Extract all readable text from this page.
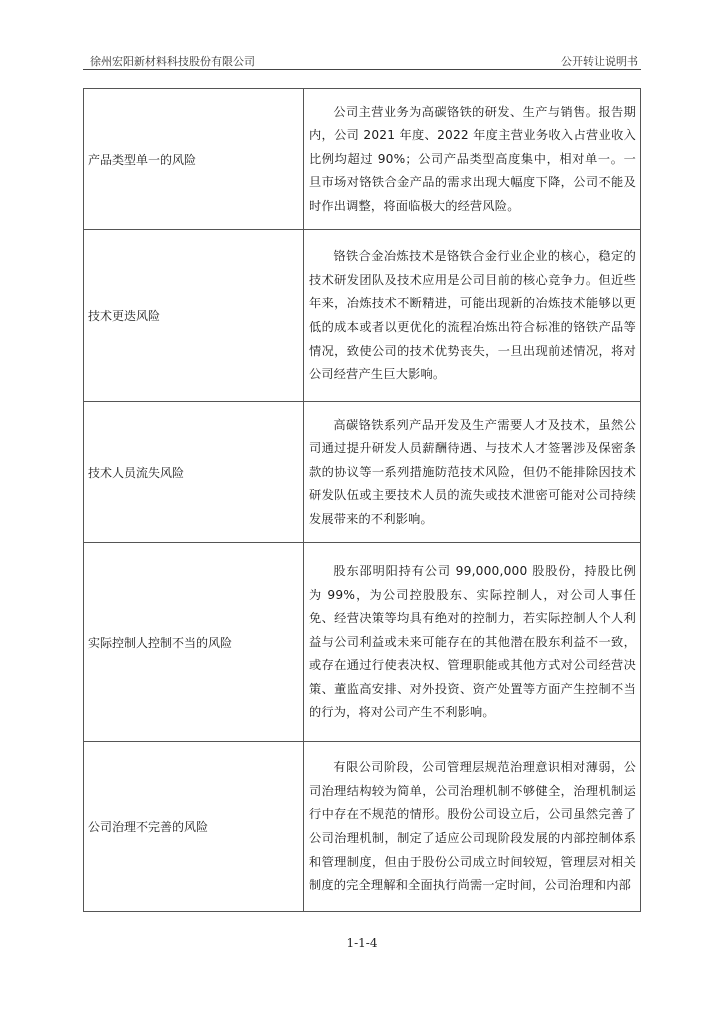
徐州宏阳新材料科技股份有限公司	公开转让说明书
产品类型单一的风险	公司主营业务为高碳铬铁的研发、生产与销售。报告期内，公司 2021 年度、2022 年度主营业务收入占营业收入比例均超过 90%；公司产品类型高度集中，相对单一。一旦市场对铬铁合金产品的需求出现大幅度下降，公司不能及时作出调整，将面临极大的经营风险。
技术更迭风险	铬铁合金冶炼技术是铬铁合金行业企业的核心，稳定的技术研发团队及技术应用是公司目前的核心竞争力。但近些年来，冶炼技术不断精进，可能出现新的冶炼技术能够以更低的成本或者以更优化的流程冶炼出符合标准的铬铁产品等情况，致使公司的技术优势丧失，一旦出现前述情况，将对公司经营产生巨大影响。
技术人员流失风险	高碳铬铁系列产品开发及生产需要人才及技术，虽然公司通过提升研发人员薪酬待遇、与技术人才签署涉及保密条款的协议等一系列措施防范技术风险，但仍不能排除因技术研发队伍或主要技术人员的流失或技术泄密可能对公司持续发展带来的不利影响。
实际控制人控制不当的风险	股东邵明阳持有公司 99,000,000 股股份，持股比例为 99%，为公司控股股东、实际控制人，对公司人事任免、经营决策等均具有绝对的控制力，若实际控制人个人利益与公司利益或未来可能存在的其他潜在股东利益不一致，或存在通过行使表决权、管理职能或其他方式对公司经营决策、董监高安排、对外投资、资产处置等方面产生控制不当的行为，将对公司产生不利影响。
公司治理不完善的风险	有限公司阶段，公司管理层规范治理意识相对薄弱，公司治理结构较为简单，公司治理机制不够健全，治理机制运行中存在不规范的情形。股份公司设立后，公司虽然完善了公司治理机制，制定了适应公司现阶段发展的内部控制体系和管理制度，但由于股份公司成立时间较短，管理层对相关制度的完全理解和全面执行尚需一定时间，公司治理和内部
1-1-4
